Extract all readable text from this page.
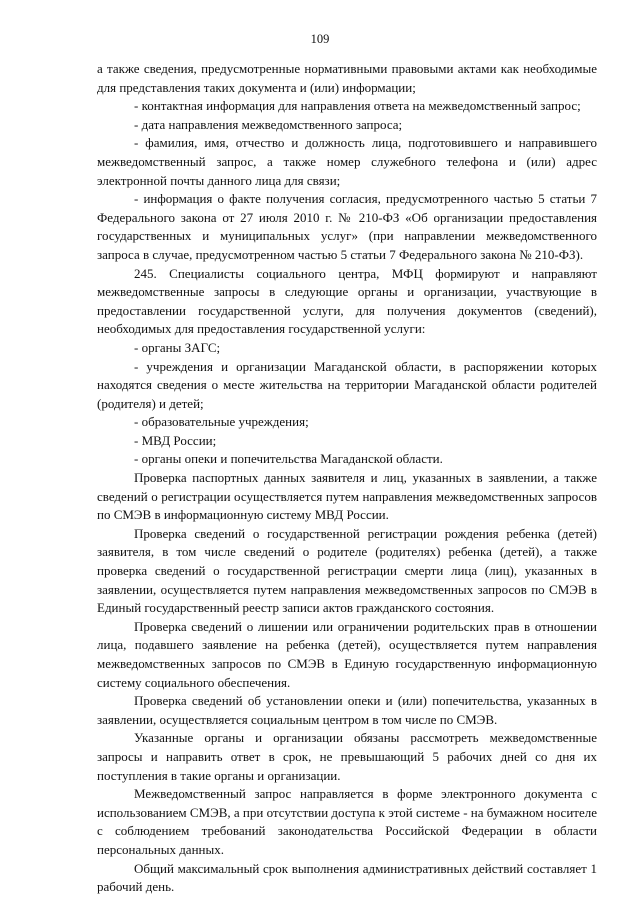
109

а также сведения, предусмотренные нормативными правовыми актами как необходимые для представления таких документа и (или) информации;

- контактная информация для направления ответа на межведомственный запрос;

- дата направления межведомственного запроса;

- фамилия, имя, отчество и должность лица, подготовившего и направившего межведомственный запрос, а также номер служебного телефона и (или) адрес электронной почты данного лица для связи;

- информация о факте получения согласия, предусмотренного частью 5 статьи 7 Федерального закона от 27 июля 2010 г. № 210-ФЗ «Об организации предоставления государственных и муниципальных услуг» (при направлении межведомственного запроса в случае, предусмотренном частью 5 статьи 7 Федерального закона № 210-ФЗ).

245. Специалисты социального центра, МФЦ формируют и направляют межведомственные запросы в следующие органы и организации, участвующие в предоставлении государственной услуги, для получения документов (сведений), необходимых для предоставления государственной услуги:

- органы ЗАГС;

- учреждения и организации Магаданской области, в распоряжении которых находятся сведения о месте жительства на территории Магаданской области родителей (родителя) и детей;

- образовательные учреждения;

- МВД России;

- органы опеки и попечительства Магаданской области.

Проверка паспортных данных заявителя и лиц, указанных в заявлении, а также сведений о регистрации осуществляется путем направления межведомственных запросов по СМЭВ в информационную систему МВД России.

Проверка сведений о государственной регистрации рождения ребенка (детей) заявителя, в том числе сведений о родителе (родителях) ребенка (детей), а также проверка сведений о государственной регистрации смерти лица (лиц), указанных в заявлении, осуществляется путем направления межведомственных запросов по СМЭВ в Единый государственный реестр записи актов гражданского состояния.

Проверка сведений о лишении или ограничении родительских прав в отношении лица, подавшего заявление на ребенка (детей), осуществляется путем направления межведомственных запросов по СМЭВ в Единую государственную информационную систему социального обеспечения.

Проверка сведений об установлении опеки и (или) попечительства, указанных в заявлении, осуществляется социальным центром в том числе по СМЭВ.

Указанные органы и организации обязаны рассмотреть межведомственные запросы и направить ответ в срок, не превышающий 5 рабочих дней со дня их поступления в такие органы и организации.

Межведомственный запрос направляется в форме электронного документа с использованием СМЭВ, а при отсутствии доступа к этой системе - на бумажном носителе с соблюдением требований законодательства Российской Федерации в области персональных данных.

Общий максимальный срок выполнения административных действий составляет 1 рабочий день.
